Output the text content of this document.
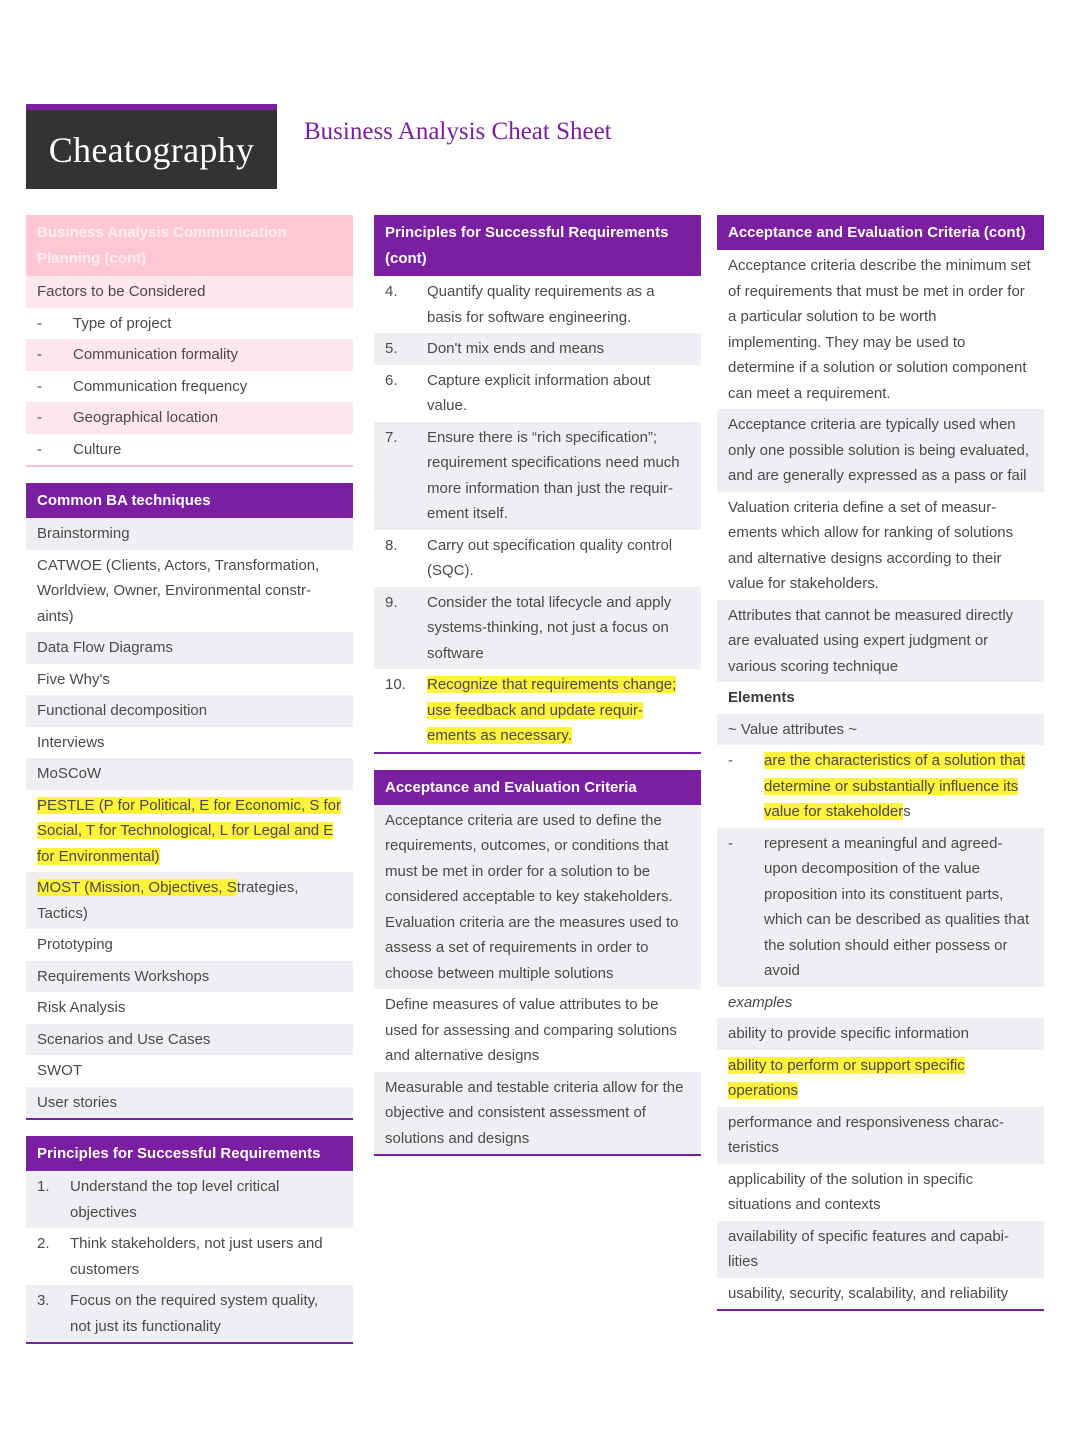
Cheatography Business Analysis Cheat Sheet
Business Analysis Communication Planning (cont)
Factors to be Considered
-	Type of project
-	Communication formality
-	Communication frequency
-	Geographical location
-	Culture
Common BA techniques
Brainstorming
CATWOE (Clients, Actors, Transformation, Worldview, Owner, Environmental constr- aints)
Data Flow Diagrams
Five Why's
Functional decomposition
Interviews
MoSCoW
PESTLE (P for Political, E for Economic, S for Social, T for Technological, L for Legal and E for Environmental)
MOST (Mission, Objectives, Strategies, Tactics)
Prototyping
Requirements Workshops
Risk Analysis
Scenarios and Use Cases
SWOT
User stories
Principles for Successful Requirements
1.	Understand the top level critical objectives
2.	Think stakeholders, not just users and customers
3.	Focus on the required system quality, not just its functionality
Principles for Successful Requirements (cont)
4.	Quantify quality requirements as a basis for software engineering.
5.	Don't mix ends and means
6.	Capture explicit information about value.
7.	Ensure there is “rich specification”; requirement specifications need much more information than just the requir- ement itself.
8.	Carry out specification quality control (SQC).
9.	Consider the total lifecycle and apply systems-thinking, not just a focus on software
10.	Recognize that requirements change; use feedback and update requir- ements as necessary.
Acceptance and Evaluation Criteria
Acceptance criteria are used to define the requirements, outcomes, or conditions that must be met in order for a solution to be considered acceptable to key stakeholders. Evaluation criteria are the measures used to assess a set of requirements in order to choose between multiple solutions
Define measures of value attributes to be used for assessing and comparing solutions and alternative designs
Measurable and testable criteria allow for the objective and consistent assessment of solutions and designs
Acceptance and Evaluation Criteria (cont)
Acceptance criteria describe the minimum set of requirements that must be met in order for a particular solution to be worth implementing. They may be used to determine if a solution or solution component can meet a requirement.
Acceptance criteria are typically used when only one possible solution is being evaluated, and are generally expressed as a pass or fail
Valuation criteria define a set of measur- ements which allow for ranking of solutions and alternative designs according to their value for stakeholders.
Attributes that cannot be measured directly are evaluated using expert judgment or various scoring technique
Elements
~ Value attributes ~
-	are the characteristics of a solution that determine or substantially influence its value for stakeholders
-	represent a meaningful and agreed- upon decomposition of the value proposition into its constituent parts, which can be described as qualities that the solution should either possess or avoid
examples
ability to provide specific information
ability to perform or support specific operations
performance and responsiveness charac- teristics
applicability of the solution in specific situations and contexts
availability of specific features and capabi- lities
usability, security, scalability, and reliability
